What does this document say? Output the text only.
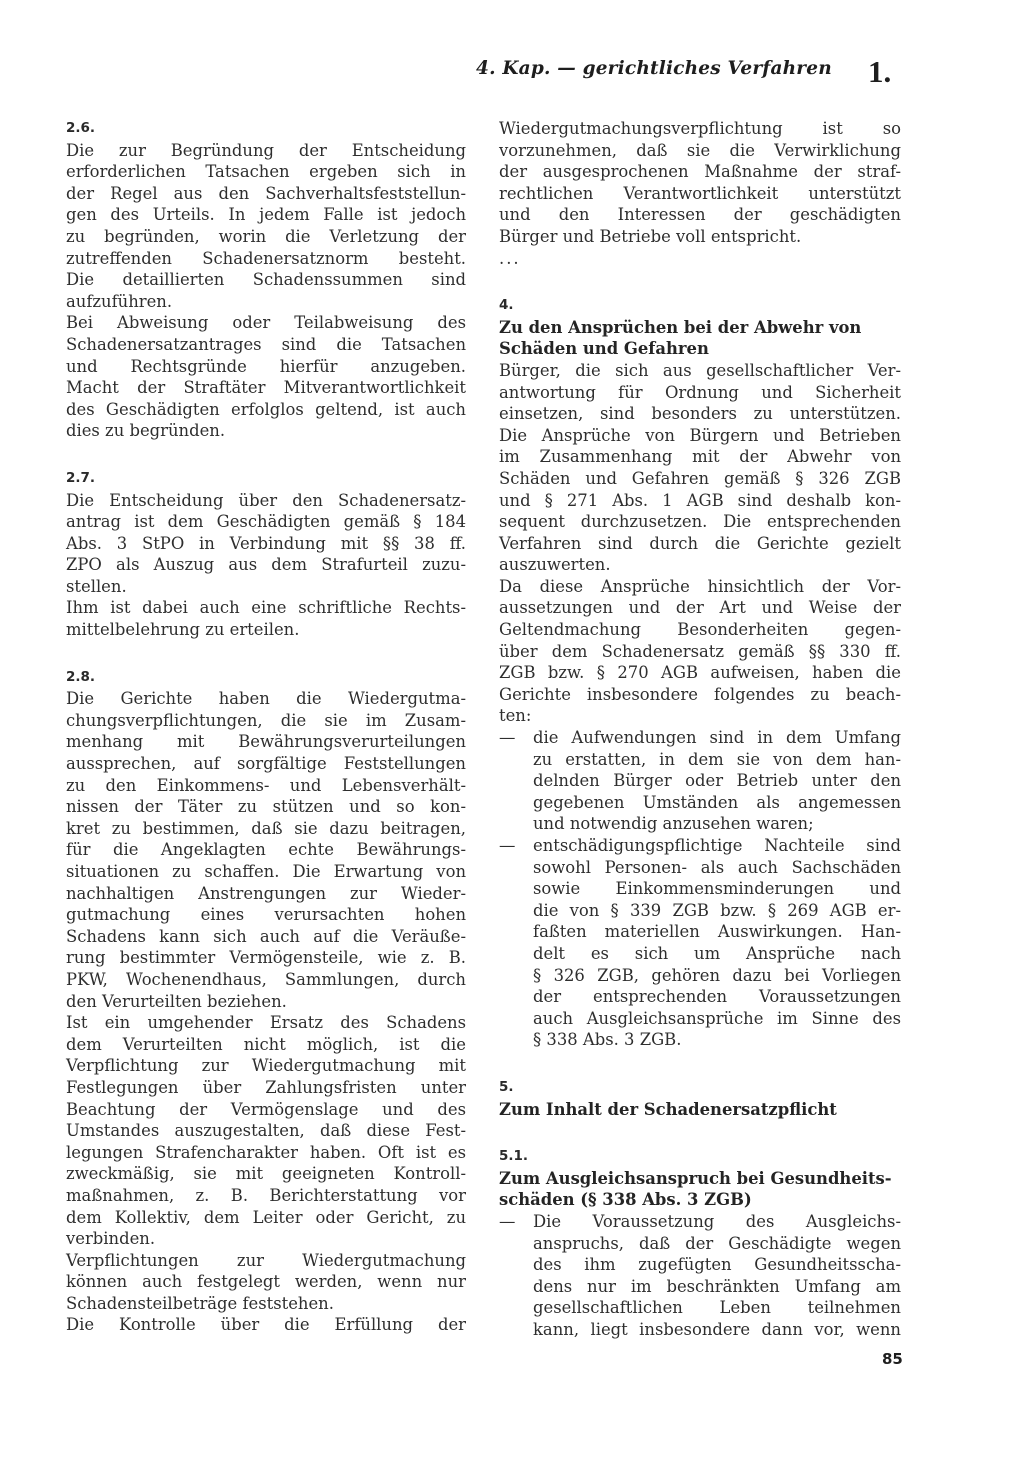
4. Kap. — gerichtliches Verfahren	1.
2.6.
Die zur Begründung der Entscheidung
erforderlichen Tatsachen ergeben sich in
der Regel aus den Sachverhaltsfeststellun-
gen des Urteils. In jedem Falle ist jedoch
zu begründen, worin die Verletzung der
zutreffenden Schadenersatznorm besteht.
Die detaillierten Schadenssummen sind
aufzuführen.
Bei Abweisung oder Teilabweisung des
Schadenersatzantrages sind die Tatsachen
und Rechtsgründe hierfür anzugeben.
Macht der Straftäter Mitverantwortlichkeit
des Geschädigten erfolglos geltend, ist auch
dies zu begründen.
2.7.
Die Entscheidung über den Schadenersatz-
antrag ist dem Geschädigten gemäß § 184
Abs. 3 StPO in Verbindung mit §§ 38 ff.
ZPO als Auszug aus dem Strafurteil zuzu-
stellen.
Ihm ist dabei auch eine schriftliche Rechts-
mittelbelehrung zu erteilen.
2.8.
Die Gerichte haben die Wiedergutma-
chungsverpflichtungen, die sie im Zusam-
menhang mit Bewährungsverurteilungen
aussprechen, auf sorgfältige Feststellungen
zu den Einkommens- und Lebensverhält-
nissen der Täter zu stützen und so kon-
kret zu bestimmen, daß sie dazu beitragen,
für die Angeklagten echte Bewährungs-
situationen zu schaffen. Die Erwartung von
nachhaltigen Anstrengungen zur Wieder-
gutmachung eines verursachten hohen
Schadens kann sich auch auf die Veräuße-
rung bestimmter Vermögensteile, wie z. B.
PKW, Wochenendhaus, Sammlungen, durch
den Verurteilten beziehen.
Ist ein umgehender Ersatz des Schadens
dem Verurteilten nicht möglich, ist die
Verpflichtung zur Wiedergutmachung mit
Festlegungen über Zahlungsfristen unter
Beachtung der Vermögenslage und des
Umstandes auszugestalten, daß diese Fest-
legungen Strafencharakter haben. Oft ist es
zweckmäßig, sie mit geeigneten Kontroll-
maßnahmen, z. B. Berichterstattung vor
dem Kollektiv, dem Leiter oder Gericht, zu
verbinden.
Verpflichtungen zur Wiedergutmachung
können auch festgelegt werden, wenn nur
Schadensteilbeträge feststehen.
Die Kontrolle über die Erfüllung der
Wiedergutmachungsverpflichtung ist so
vorzunehmen, daß sie die Verwirklichung
der ausgesprochenen Maßnahme der straf-
rechtlichen Verantwortlichkeit unterstützt
und den Interessen der geschädigten
Bürger und Betriebe voll entspricht.
...
4.
Zu den Ansprüchen bei der Abwehr von
Schäden und Gefahren
Bürger, die sich aus gesellschaftlicher Ver-
antwortung für Ordnung und Sicherheit
einsetzen, sind besonders zu unterstützen.
Die Ansprüche von Bürgern und Betrieben
im Zusammenhang mit der Abwehr von
Schäden und Gefahren gemäß § 326 ZGB
und § 271 Abs. 1 AGB sind deshalb kon-
sequent durchzusetzen. Die entsprechenden
Verfahren sind durch die Gerichte gezielt
auszuwerten.
Da diese Ansprüche hinsichtlich der Vor-
aussetzungen und der Art und Weise der
Geltendmachung Besonderheiten gegen-
über dem Schadenersatz gemäß §§ 330 ff.
ZGB bzw. § 270 AGB aufweisen, haben die
Gerichte insbesondere folgendes zu beach-
ten:
— die Aufwendungen sind in dem Umfang
zu erstatten, in dem sie von dem han-
delnden Bürger oder Betrieb unter den
gegebenen Umständen als angemessen
und notwendig anzusehen waren;
— entschädigungspflichtige Nachteile sind
sowohl Personen- als auch Sachschäden
sowie Einkommensminderungen und
die von § 339 ZGB bzw. § 269 AGB er-
faßten materiellen Auswirkungen. Han-
delt es sich um Ansprüche nach
§ 326 ZGB, gehören dazu bei Vorliegen
der entsprechenden Voraussetzungen
auch Ausgleichsansprüche im Sinne des
§ 338 Abs. 3 ZGB.
5.
Zum Inhalt der Schadenersatzpflicht
5.1.
Zum Ausgleichsanspruch bei Gesundheits-
schäden (§ 338 Abs. 3 ZGB)
— Die Voraussetzung des Ausgleichs-
anspruchs, daß der Geschädigte wegen
des ihm zugefügten Gesundheitsscha-
dens nur im beschränkten Umfang am
gesellschaftlichen Leben teilnehmen
kann, liegt insbesondere dann vor, wenn
85
